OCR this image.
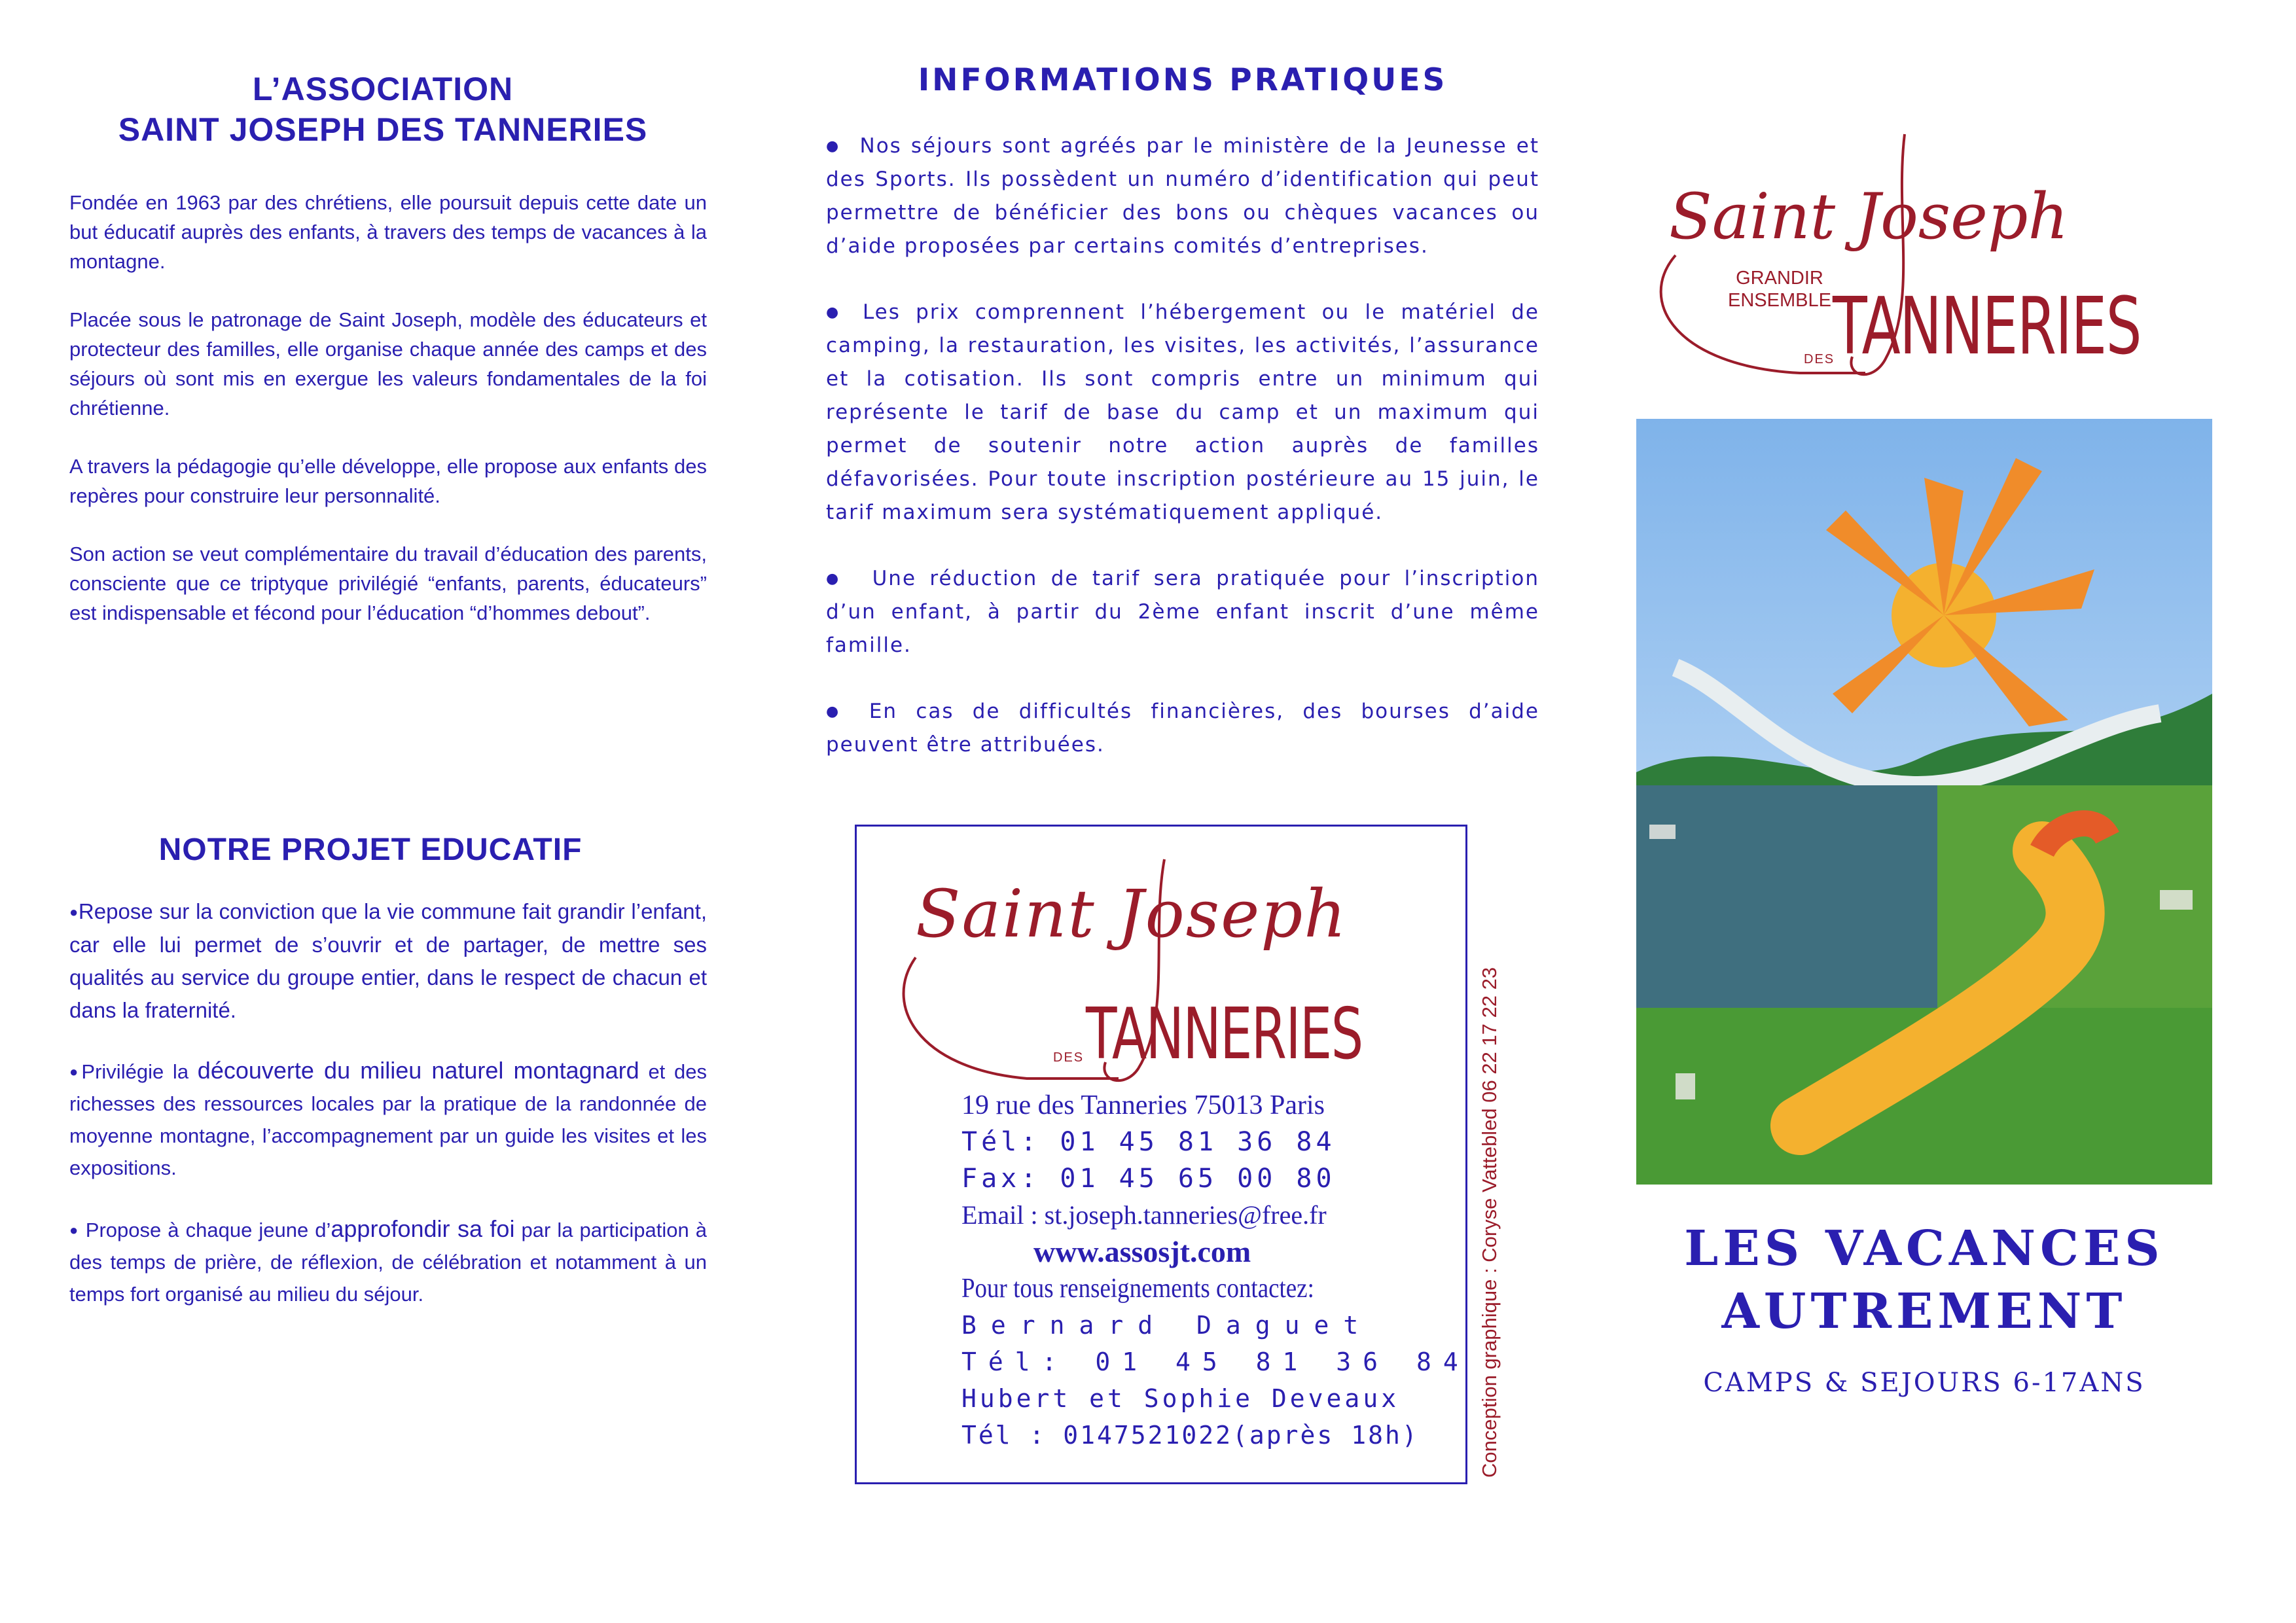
L’ASSOCIATION
SAINT JOSEPH DES TANNERIES

Fondée en 1963 par des chrétiens, elle poursuit depuis cette date un but éducatif auprès des enfants, à travers des temps de vacances à la montagne.

Placée sous le patronage de Saint Joseph, modèle des éducateurs et protecteur des familles, elle organise chaque année des camps et des séjours où sont mis en exergue les valeurs fondamentales de la foi chrétienne.

A travers la pédagogie qu’elle développe, elle propose aux enfants des repères pour construire leur personnalité.

Son action se veut complémentaire du travail d’éducation des parents, consciente que ce triptyque privilégié “enfants, parents, éducateurs” est indispensable et fécond pour l’éducation “d’hommes debout”.

NOTRE PROJET EDUCATIF

●Repose sur la conviction que la vie commune fait grandir l’enfant, car elle lui permet de s’ouvrir et de partager, de mettre ses qualités au service du groupe entier, dans le respect de chacun et dans la fraternité.

●Privilégie la découverte du milieu naturel montagnard et des richesses des ressources locales par la pratique de la randonnée de moyenne montagne, l’accompagnement par un guide les visites et les expositions.

● Propose à chaque jeune d’approfondir sa foi par la participation à des temps de prière, de réflexion, de célébration et notamment à un temps fort organisé au milieu du séjour.

INFORMATIONS PRATIQUES

● Nos séjours sont agréés par le ministère de la Jeunesse et des Sports. Ils possèdent un numéro d’identification qui peut permettre de bénéficier des bons ou chèques vacances ou d’aide proposées par certains comités d’entreprises.

● Les prix comprennent l’hébergement ou le matériel de camping, la restauration, les visites, les activités, l’assurance et la cotisation. Ils sont compris entre un minimum qui représente le tarif de base du camp et un maximum qui permet de soutenir notre action auprès de familles défavorisées. Pour toute inscription postérieure au 15 juin, le tarif maximum sera systématiquement appliqué.

● Une réduction de tarif sera pratiquée pour l’inscription d’un enfant, à partir du 2ème enfant inscrit d’une même famille.

● En cas de difficultés financières, des bourses d’aide peuvent être attribuées.

Saint Joseph
DES TANNERIES
19 rue des Tanneries 75013 Paris
Tél: 01 45 81 36 84
Fax: 01 45 65 00 80
Email : st.joseph.tanneries@free.fr
www.assosjt.com
Pour tous renseignements contactez:
Bernard Daguet
Tél: 01 45 81 36 84
Hubert et Sophie Deveaux
Tél : 0147521022(après 18h)	Conception graphique : Coryse Vattebled 06 22 17 22 23
Saint Joseph
GRANDIR
ENSEMBLE
DES
TANNERIES
LES VACANCES
AUTREMENT

CAMPS & SEJOURS 6-17ANS
